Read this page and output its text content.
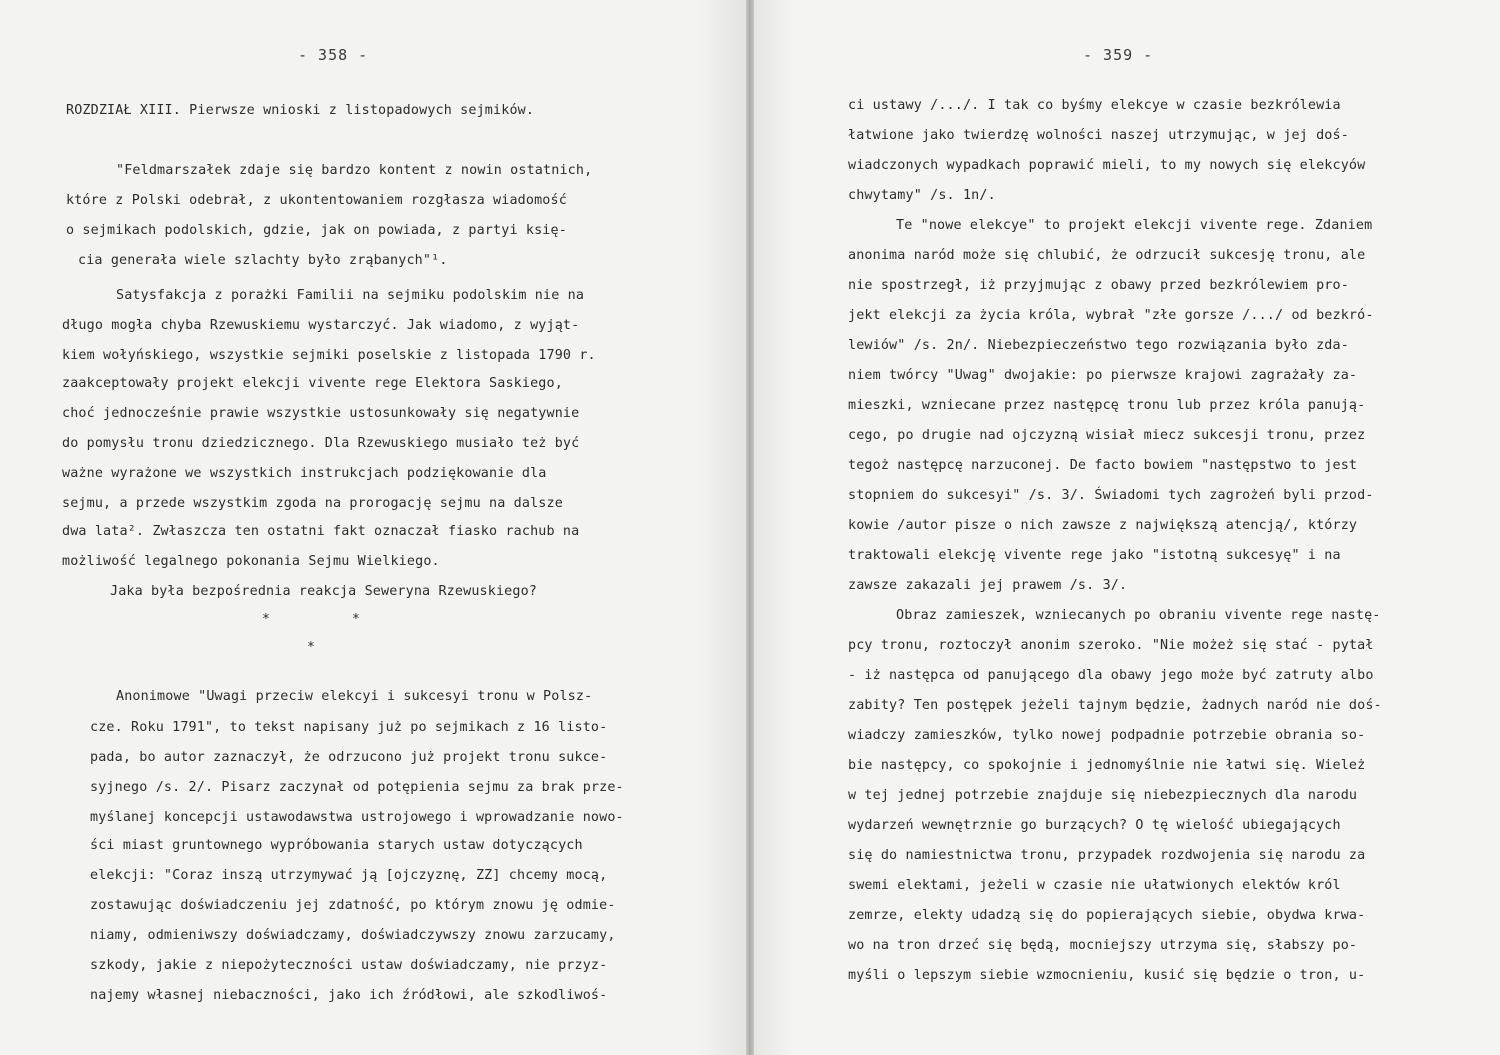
- 358 -
ROZDZIAŁ XIII. Pierwsze wnioski z listopadowych sejmików.
"Feldmarszałek zdaje się bardzo kontent z nowin ostatnich,
które z Polski odebrał, z ukontentowaniem rozgłasza wiadomość
o sejmikach podolskich, gdzie, jak on powiada, z partyi księ-
cia generała wiele szlachty było zrąbanych"¹.
Satysfakcja z porażki Familii na sejmiku podolskim nie na
długo mogła chyba Rzewuskiemu wystarczyć. Jak wiadomo, z wyjąt-
kiem wołyńskiego, wszystkie sejmiki poselskie z listopada 1790 r.
zaakceptowały projekt elekcji vivente rege Elektora Saskiego,
choć jednocześnie prawie wszystkie ustosunkowały się negatywnie
do pomysłu tronu dziedzicznego. Dla Rzewuskiego musiało też być
ważne wyrażone we wszystkich instrukcjach podziękowanie dla
sejmu, a przede wszystkim zgoda na prorogację sejmu na dalsze
dwa lata². Zwłaszcza ten ostatni fakt oznaczał fiasko rachub na
możliwość legalnego pokonania Sejmu Wielkiego.
Jaka była bezpośrednia reakcja Seweryna Rzewuskiego?
Anonimowe "Uwagi przeciw elekcyi i sukcesyi tronu w Polsz-
cze. Roku 1791", to tekst napisany już po sejmikach z 16 listo-
pada, bo autor zaznaczył, że odrzucono już projekt tronu sukce-
syjnego /s. 2/. Pisarz zaczynał od potępienia sejmu za brak prze-
myślanej koncepcji ustawodawstwa ustrojowego i wprowadzanie nowo-
ści miast gruntownego wypróbowania starych ustaw dotyczących
elekcji: "Coraz inszą utrzymywać ją [ojczyznę, ZZ] chcemy mocą,
zostawując doświadczeniu jej zdatność, po którym znowu ję odmie-
niamy, odmieniwszy doświadczamy, doświadczywszy znowu zarzucamy,
szkody, jakie z niepożyteczności ustaw doświadczamy, nie przyz-
najemy własnej niebaczności, jako ich źródłowi, ale szkodliwoś-
*	*
*
- 359 -
ci ustawy /.../. I tak co byśmy elekcye w czasie bezkrólewia
łatwione jako twierdzę wolności naszej utrzymując, w jej doś-
wiadczonych wypadkach poprawić mieli, to my nowych się elekcyów
chwytamy" /s. 1n/.
Te "nowe elekcye" to projekt elekcji vivente rege. Zdaniem
anonima naród może się chlubić, że odrzucił sukcesję tronu, ale
nie spostrzegł, iż przyjmując z obawy przed bezkrólewiem pro-
jekt elekcji za życia króla, wybrał "złe gorsze /.../ od bezkró-
lewiów" /s. 2n/. Niebezpieczeństwo tego rozwiązania było zda-
niem twórcy "Uwag" dwojakie: po pierwsze krajowi zagrażały za-
mieszki, wzniecane przez następcę tronu lub przez króla panują-
cego, po drugie nad ojczyzną wisiał miecz sukcesji tronu, przez
tegoż następcę narzuconej. De facto bowiem "następstwo to jest
stopniem do sukcesyi" /s. 3/. Świadomi tych zagrożeń byli przod-
kowie /autor pisze o nich zawsze z największą atencją/, którzy
traktowali elekcję vivente rege jako "istotną sukcesyę" i na
zawsze zakazali jej prawem /s. 3/.
Obraz zamieszek, wzniecanych po obraniu vivente rege nastę-
pcy tronu, roztoczył anonim szeroko. "Nie możeż się stać - pytał
- iż następca od panującego dla obawy jego może być zatruty albo
zabity? Ten postępek jeżeli tajnym będzie, żadnych naród nie doś-
wiadczy zamieszków, tylko nowej podpadnie potrzebie obrania so-
bie następcy, co spokojnie i jednomyślnie nie łatwi się. Wieleż
w tej jednej potrzebie znajduje się niebezpiecznych dla narodu
wydarzeń wewnętrznie go burzących? O tę wielość ubiegających
się do namiestnictwa tronu, przypadek rozdwojenia się narodu za
swemi elektami, jeżeli w czasie nie ułatwionych elektów król
zemrze, elekty udadzą się do popierających siebie, obydwa krwa-
wo na tron drzeć się będą, mocniejszy utrzyma się, słabszy po-
myśli o lepszym siebie wzmocnieniu, kusić się będzie o tron, u-
